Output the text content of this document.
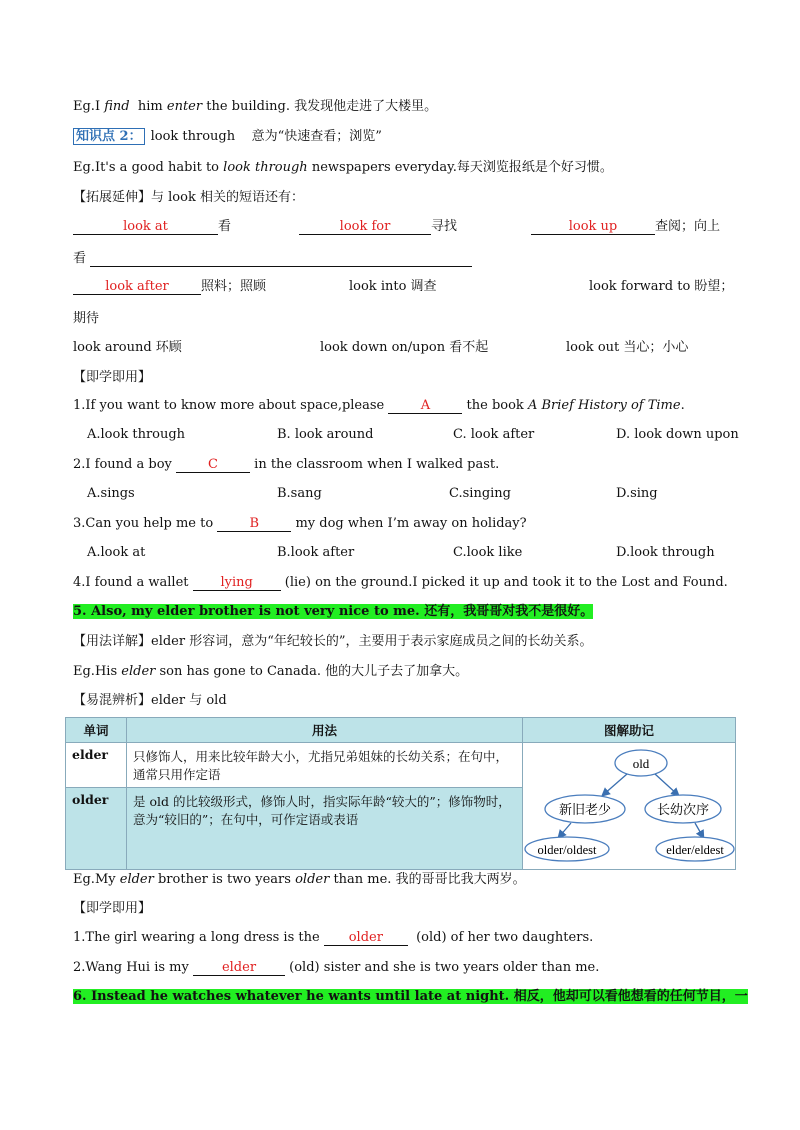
Eg.I find him enter the building. 我发现他走进了大楼里。
知识点 2： look through 意为“快速查看；浏览”
Eg.It's a good habit to look through newspapers everyday.每天浏览报纸是个好习惯。
【拓展延伸】与 look 相关的短语还有：
look at	看	look for	寻找	look up	查阅；向上
看
look after 照料；照顾	look into 调查	look forward to 盼望；
期待
look around 环顾	look down on/upon 看不起	look out 当心；小心
【即学即用】
1.If you want to know more about space,please	A	the book A Brief History of Time.
A.look through	B. look around	C. look after	D. look down upon
2.I found a boy	C	in the classroom when I walked past.
A.sings	B.sang	C.singing	D.sing
3.Can you help me to	B	my dog when I’m away on holiday?
A.look at	B.look after	C.look like	D.look through
4.I found a wallet lying (lie) on the ground.I picked it up and took it to the Lost and Found.
5. Also, my elder brother is not very nice to me. 还有，我哥哥对我不是很好。
【用法详解】elder 形容词，意为“年纪较长的”，主要用于表示家庭成员之间的长幼关系。
Eg.His elder son has gone to Canada. 他的大儿子去了加拿大。
【易混辨析】elder 与 old
单词	用法	图解助记
elder	只修饰人，用来比较年龄大小，尤指兄弟姐妹的长幼关系；在句中，通常只用作定语	old
新旧老少 长幼次序
older/oldest elder/eldest

older	是 old 的比较级形式，修饰人时，指实际年龄“较大的”；修饰物时，意为“较旧的”；在句中，可作定语或表语	
Eg.My elder brother is two years older than me. 我的哥哥比我大两岁。
【即学即用】
1.The girl wearing a long dress is the older	(old) of her two daughters.
2.Wang Hui is my	elder	(old) sister and she is two years older than me.
6. Instead he watches whatever he wants until late at night. 相反，他却可以看他想看的任何节目，一
